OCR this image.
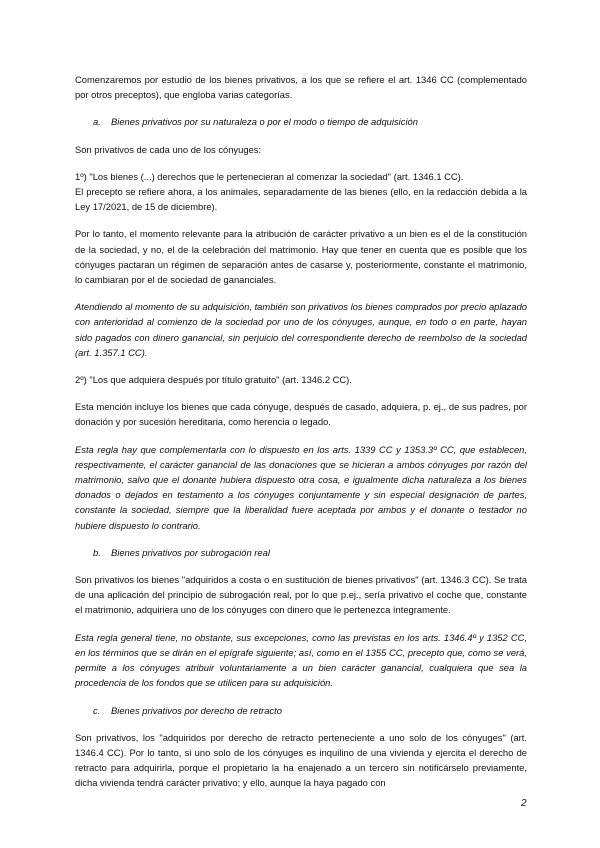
Comenzaremos por estudio de los bienes privativos, a los que se refiere el art. 1346 CC (complementado por otros preceptos), que engloba varias categorías.

a. Bienes privativos por su naturaleza o por el modo o tiempo de adquisición

Son privativos de cada uno de los cónyuges:

1º) "Los bienes (...) derechos que le pertenecieran al comenzar la sociedad" (art. 1346.1 CC).

El precepto se refiere ahora, a los animales, separadamente de las bienes (ello, en la redacción debida a la Ley 17/2021, de 15 de diciembre).

Por lo tanto, el momento relevante para la atribución de carácter privativo a un bien es el de la constitución de la sociedad, y no, el de la celebración del matrimonio. Hay que tener en cuenta que es posible que los cónyuges pactaran un régimen de separación antes de casarse y, posteriormente, constante el matrimonio, lo cambiaran por el de sociedad de gananciales.

Atendiendo al momento de su adquisición, también son privativos los bienes comprados por precio aplazado con anterioridad al comienzo de la sociedad por uno de los cónyuges, aunque, en todo o en parte, hayan sido pagados con dinero ganancial, sin perjuicio del correspondiente derecho de reembolso de la sociedad (art. 1.357.1 CC).

2º) "Los que adquiera después por título gratuito" (art. 1346.2 CC).

Esta mención incluye los bienes que cada cónyuge, después de casado, adquiera, p. ej., de sus padres, por donación y por sucesión hereditaria, como herencia o legado.

Esta regla hay que complementarla con lo dispuesto en los arts. 1339 CC y 1353.3º CC, que establecen, respectivamente, el carácter ganancial de las donaciones que se hicieran a ambos cónyuges por razón del matrimonio, salvo que el donante hubiera dispuesto otra cosa, e igualmente dicha naturaleza a los bienes donados o dejados en testamento a los cónyuges conjuntamente y sin especial designación de partes, constante la sociedad, siempre que la liberalidad fuere aceptada por ambos y el donante o testador no hubiere dispuesto lo contrario.

b. Bienes privativos por subrogación real

Son privativos los bienes "adquiridos a costa o en sustitución de bienes privativos" (art. 1346.3 CC). Se trata de una aplicación del principio de subrogación real, por lo que p.ej., sería privativo el coche que, constante el matrimonio, adquiriera uno de los cónyuges con dinero que le pertenezca íntegramente.

Esta regla general tiene, no obstante, sus excepciones, como las previstas en los arts. 1346.4º y 1352 CC, en los términos que se dirán en el epígrafe siguiente; así, como en el 1355 CC, precepto que, como se verá, permite a los cónyuges atribuir voluntariamente a un bien carácter ganancial, cualquiera que sea la procedencia de los fondos que se utilicen para su adquisición.

c. Bienes privativos por derecho de retracto

Son privativos, los "adquiridos por derecho de retracto perteneciente a uno solo de los cónyuges" (art. 1346.4 CC). Por lo tanto, si uno solo de los cónyuges es inquilino de una vivienda y ejercita el derecho de retracto para adquirirla, porque el propietario la ha enajenado a un tercero sin notificárselo previamente, dicha vivienda tendrá carácter privativo; y ello, aunque la haya pagado con

2
